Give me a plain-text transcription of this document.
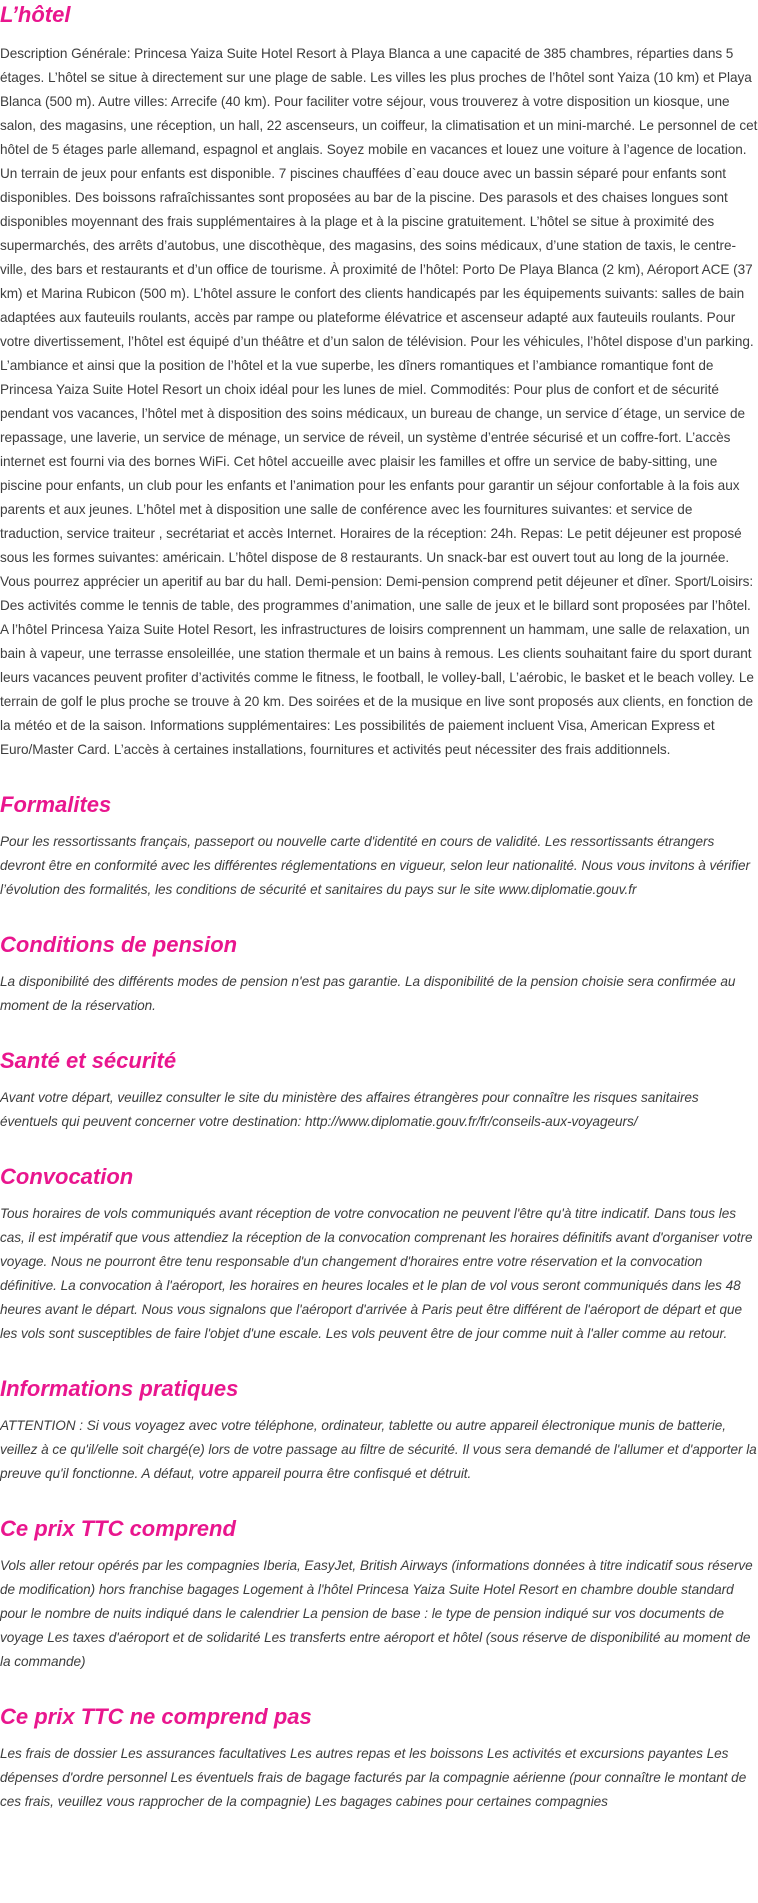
L’hôtel

Description Générale: Princesa Yaiza Suite Hotel Resort à Playa Blanca a une capacité de 385 chambres, réparties dans 5 étages. L’hôtel se situe à directement sur une plage de sable. Les villes les plus proches de l’hôtel sont Yaiza (10 km) et Playa Blanca (500 m). Autre villes: Arrecife (40 km). Pour faciliter votre séjour, vous trouverez à votre disposition un kiosque, une salon, des magasins, une réception, un hall, 22 ascenseurs, un coiffeur, la climatisation et un mini-marché. Le personnel de cet hôtel de 5 étages parle allemand, espagnol et anglais. Soyez mobile en vacances et louez une voiture à l’agence de location. Un terrain de jeux pour enfants est disponible. 7 piscines chauffées d`eau douce avec un bassin séparé pour enfants sont disponibles. Des boissons rafraîchissantes sont proposées au bar de la piscine. Des parasols et des chaises longues sont disponibles moyennant des frais supplémentaires à la plage et à la piscine gratuitement. L’hôtel se situe à proximité des supermarchés, des arrêts d’autobus, une discothèque, des magasins, des soins médicaux, d’une station de taxis, le centre-ville, des bars et restaurants et d’un office de tourisme. À proximité de l’hôtel: Porto De Playa Blanca (2 km), Aéroport ACE (37 km) et Marina Rubicon (500 m). L’hôtel assure le confort des clients handicapés par les équipements suivants: salles de bain adaptées aux fauteuils roulants, accès par rampe ou plateforme élévatrice et ascenseur adapté aux fauteuils roulants. Pour votre divertissement, l’hôtel est équipé d’un théâtre et d’un salon de télévision. Pour les véhicules, l’hôtel dispose d’un parking. L’ambiance et ainsi que la position de l’hôtel et la vue superbe, les dîners romantiques et l’ambiance romantique font de Princesa Yaiza Suite Hotel Resort un choix idéal pour les lunes de miel. Commodités: Pour plus de confort et de sécurité pendant vos vacances, l’hôtel met à disposition des soins médicaux, un bureau de change, un service d´étage, un service de repassage, une laverie, un service de ménage, un service de réveil, un système d’entrée sécurisé et un coffre-fort. L’accès internet est fourni via des bornes WiFi. Cet hôtel accueille avec plaisir les familles et offre un service de baby-sitting, une piscine pour enfants, un club pour les enfants et l’animation pour les enfants pour garantir un séjour confortable à la fois aux parents et aux jeunes. L’hôtel met à disposition une salle de conférence avec les fournitures suivantes: et service de traduction, service traiteur , secrétariat et accès Internet. Horaires de la réception: 24h. Repas: Le petit déjeuner est proposé sous les formes suivantes: américain. L’hôtel dispose de 8 restaurants. Un snack-bar est ouvert tout au long de la journée. Vous pourrez apprécier un aperitif au bar du hall. Demi-pension: Demi-pension comprend petit déjeuner et dîner. Sport/Loisirs: Des activités comme le tennis de table, des programmes d’animation, une salle de jeux et le billard sont proposées par l’hôtel. A l’hôtel Princesa Yaiza Suite Hotel Resort, les infrastructures de loisirs comprennent un hammam, une salle de relaxation, un bain à vapeur, une terrasse ensoleillée, une station thermale et un bains à remous. Les clients souhaitant faire du sport durant leurs vacances peuvent profiter d’activités comme le fitness, le football, le volley-ball, L’aérobic, le basket et le beach volley. Le terrain de golf le plus proche se trouve à 20 km. Des soirées et de la musique en live sont proposés aux clients, en fonction de la météo et de la saison. Informations supplémentaires: Les possibilités de paiement incluent Visa, American Express et Euro/Master Card. L’accès à certaines installations, fournitures et activités peut nécessiter des frais additionnels.

Formalites

Pour les ressortissants français, passeport ou nouvelle carte d'identité en cours de validité. Les ressortissants étrangers devront être en conformité avec les différentes réglementations en vigueur, selon leur nationalité. Nous vous invitons à vérifier l’évolution des formalités, les conditions de sécurité et sanitaires du pays sur le site www.diplomatie.gouv.fr

Conditions de pension

La disponibilité des différents modes de pension n'est pas garantie. La disponibilité de la pension choisie sera confirmée au moment de la réservation.

Santé et sécurité

Avant votre départ, veuillez consulter le site du ministère des affaires étrangères pour connaître les risques sanitaires éventuels qui peuvent concerner votre destination: http://www.diplomatie.gouv.fr/fr/conseils-aux-voyageurs/

Convocation

Tous horaires de vols communiqués avant réception de votre convocation ne peuvent l'être qu'à titre indicatif. Dans tous les cas, il est impératif que vous attendiez la réception de la convocation comprenant les horaires définitifs avant d'organiser votre voyage. Nous ne pourront être tenu responsable d'un changement d'horaires entre votre réservation et la convocation définitive. La convocation à l'aéroport, les horaires en heures locales et le plan de vol vous seront communiqués dans les 48 heures avant le départ. Nous vous signalons que l'aéroport d'arrivée à Paris peut être différent de l'aéroport de départ et que les vols sont susceptibles de faire l'objet d'une escale. Les vols peuvent être de jour comme nuit à l'aller comme au retour.

Informations pratiques

ATTENTION : Si vous voyagez avec votre téléphone, ordinateur, tablette ou autre appareil électronique munis de batterie, veillez à ce qu'il/elle soit chargé(e) lors de votre passage au filtre de sécurité. Il vous sera demandé de l'allumer et d'apporter la preuve qu'il fonctionne. A défaut, votre appareil pourra être confisqué et détruit.

Ce prix TTC comprend

Vols aller retour opérés par les compagnies Iberia, EasyJet, British Airways (informations données à titre indicatif sous réserve de modification) hors franchise bagages Logement à l'hôtel Princesa Yaiza Suite Hotel Resort en chambre double standard pour le nombre de nuits indiqué dans le calendrier La pension de base : le type de pension indiqué sur vos documents de voyage Les taxes d'aéroport et de solidarité Les transferts entre aéroport et hôtel (sous réserve de disponibilité au moment de la commande)

Ce prix TTC ne comprend pas

Les frais de dossier Les assurances facultatives Les autres repas et les boissons Les activités et excursions payantes Les dépenses d'ordre personnel Les éventuels frais de bagage facturés par la compagnie aérienne (pour connaître le montant de ces frais, veuillez vous rapprocher de la compagnie) Les bagages cabines pour certaines compagnies
